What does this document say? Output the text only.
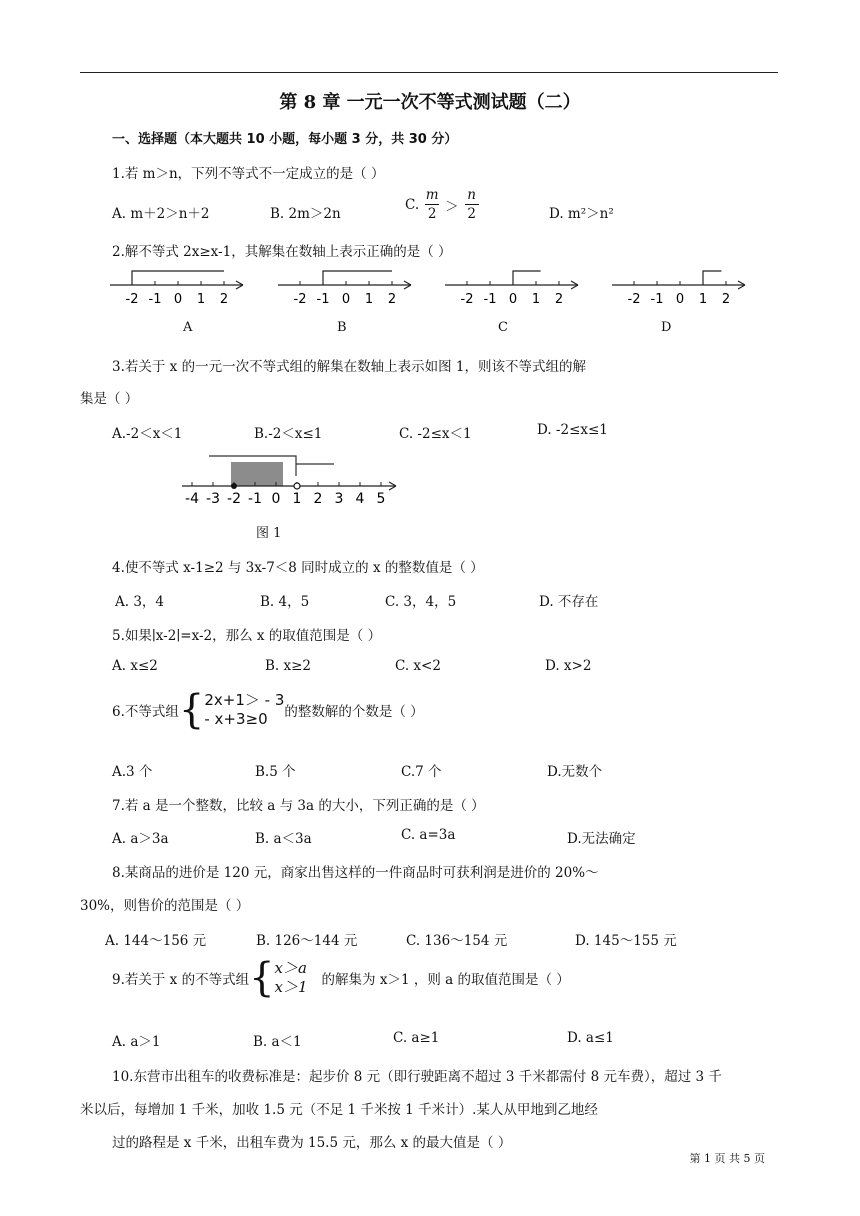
第 8 章 一元一次不等式测试题（二）
一、选择题（本大题共 10 小题，每小题 3 分，共 30 分）
1.若 m＞n，下列不等式不一定成立的是（ ）
A. m＋2＞n＋2	B. 2m＞2n
C. $\frac{m}{2} > \frac{n}{2}$	D. m²＞n²
2.解不等式 2x≥x-1，其解集在数轴上表示正确的是（ ）
-2 -1 0 1 2	-2 -1 0 1 2	-2 -1 0 1 2	-2 -1 0 1 2
A	B	C	D
3.若关于 x 的一元一次不等式组的解集在数轴上表示如图 1，则该不等式组的解
集是（ ）
A.-2＜x＜1	B.-2＜x≤1	C. -2≤x＜1	D. -2≤x≤1
-4 -3 -2 -1 0 1 2 3 4 5
图 1
4.使不等式 x-1≥2 与 3x-7＜8 同时成立的 x 的整数值是（ ）
A. 3，4	B. 4，5	C. 3，4，5	D. 不存在
5.如果∣x-2∣=x-2，那么 x 的取值范围是（ ）
A. x≤2	B. x≥2	C. x<2	D. x>2
6.不等式组 { 2x+1＞ - 3
- x+3≥0	的整数解的个数是（ ）
A.3 个	B.5 个	C.7 个	D.无数个
7.若 a 是一个整数，比较 a 与 3a 的大小，下列正确的是（ ）
A. a＞3a	B. a＜3a	C. a=3a	D.无法确定
8.某商品的进价是 120 元，商家出售这样的一件商品时可获利润是进价的 20%～
30%，则售价的范围是（ ）
A. 144～156 元	B. 126～144 元	C. 136～154 元	D. 145～155 元
9.若关于 x 的不等式组 { x＞a
x＞1 的解集为 x＞1 ，则 a 的取值范围是（ ）
A. a＞1	B. a＜1	C. a≥1	D. a≤1
10.东营市出租车的收费标准是：起步价 8 元（即行驶距离不超过 3 千米都需付 8 元车费），超过 3 千
米以后，每增加 1 千米，加收 1.5 元（不足 1 千米按 1 千米计）.某人从甲地到乙地经
过的路程是 x 千米，出租车费为 15.5 元，那么 x 的最大值是（ ）
第 1 页 共 5 页
